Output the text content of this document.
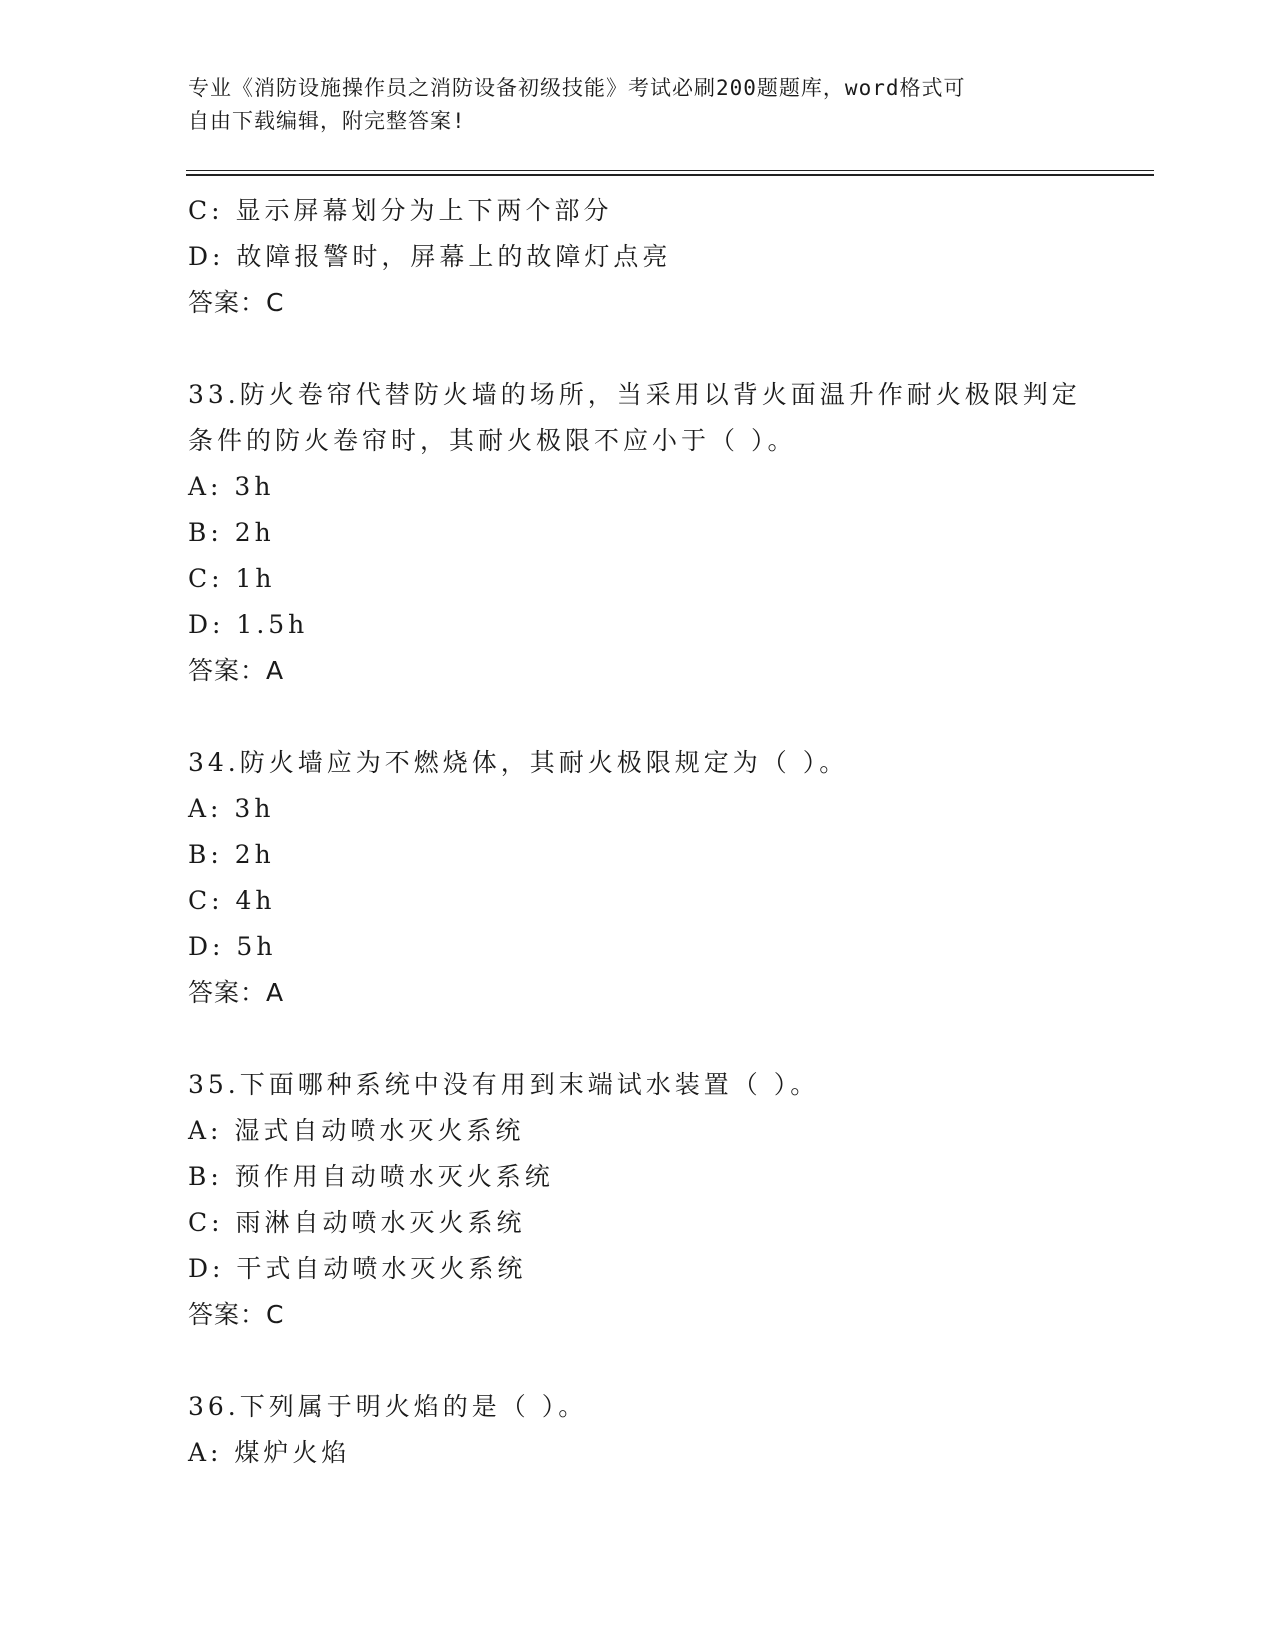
专业《消防设施操作员之消防设备初级技能》考试必刷200题题库，word格式可
自由下载编辑，附完整答案!
C: 显示屏幕划分为上下两个部分
D: 故障报警时，屏幕上的故障灯点亮
答案：C
33.防火卷帘代替防火墙的场所，当采用以背火面温升作耐火极限判定
条件的防火卷帘时，其耐火极限不应小于（ ）。
A: 3h
B: 2h
C: 1h
D: 1.5h
答案：A
34.防火墙应为不燃烧体，其耐火极限规定为（ ）。
A: 3h
B: 2h
C: 4h
D: 5h
答案：A
35.下面哪种系统中没有用到末端试水装置（ ）。
A: 湿式自动喷水灭火系统
B: 预作用自动喷水灭火系统
C: 雨淋自动喷水灭火系统
D: 干式自动喷水灭火系统
答案：C
36.下列属于明火焰的是（ ）。
A: 煤炉火焰
